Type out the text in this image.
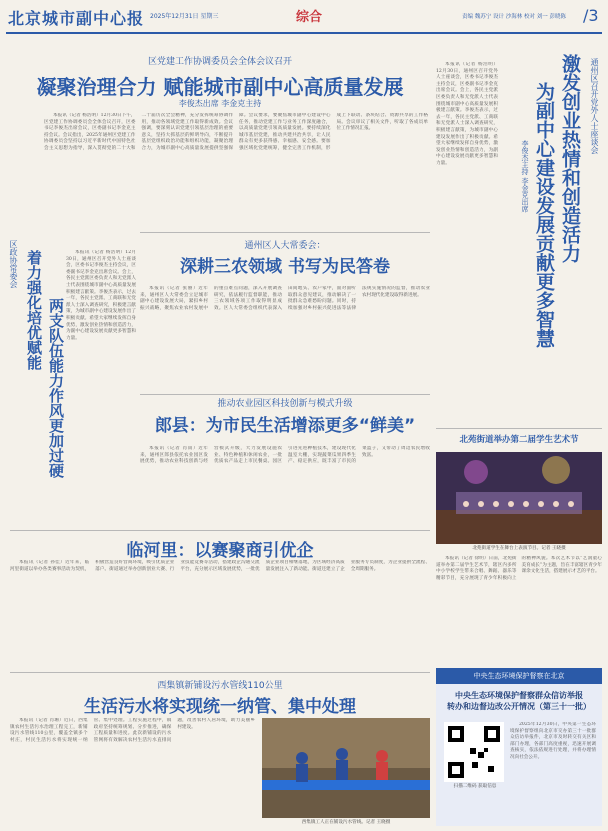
北京城市副中心报 2025年12月31日 星期三	综合	责编 魏苏宁 设计 沙海林 校对 刘一 彭晓陈 /3
区党建工作协调委员会全体会议召开
凝聚治理合力 赋能城市副中心高质量发展
李俊杰出席 李金克主持
本报讯（记者 杨浩明）12月30日下午，区党建工作协调委员会全体会议召开，区委书记李俊杰出席会议，区委副书记李金克主持会议。会议指出，2025年通州区党建工作协调委员会坚持以习近平新时代中国特色社会主义思想为指导，深入贯彻党的二十大和二十届历次全会精神，充分发挥统筹协调作用，推动各领域党建工作取得新成效。会议强调，要深刻认识党建引领基层治理的重要意义，坚持大抓基层的鲜明导向，不断提升基层党组织政治功能和组织功能，凝聚治理合力，为城市副中心高质量发展提供坚强保障。会议要求，要聚焦城市副中心建设中心任务，推动党建工作与业务工作深度融合，以高质量党建引领高质量发展。要持续深化城市基层党建，推动共建共治共享，让人民群众有更多获得感、幸福感、安全感。要加强区域化党建统筹，健全完善工作机制，形成上下联动、条块结合、资源共享的工作格局。会议审议了相关文件，听取了各成员单位工作情况汇报。	通州区召开党外人士座谈会
激发创业热情和创造活力
为副中心建设发展贡献更多智慧
李俊杰主持 李金克出席
本报讯（记者 杨浩明）12月30日，通州区召开党外人士座谈会，区委书记李俊杰主持会议，区委副书记李金克出席会议。会上，各民主党派区委负责人和无党派人士代表围绕城市副中心高质量发展积极建言献策。李俊杰表示，过去一年，各民主党派、工商联和无党派人士深入调查研究，积极建言献策，为城市副中心建设发展作出了积极贡献。希望大家继续发挥自身优势，激发创业热情和创造活力，为副中心建设发展贡献更多智慧和力量。
区政协常委会 着力强化培优赋能 两支队伍能力作风更加过硬
本报讯（记者 杨浩明）12月30日，通州区召开党外人士座谈会，区委书记李俊杰主持会议，区委副书记李金克出席会议。会上，各民主党派区委负责人和无党派人士代表围绕城市副中心高质量发展积极建言献策。李俊杰表示，过去一年，各民主党派、工商联和无党派人士深入调查研究，积极建言献策，为城市副中心建设发展作出了积极贡献。希望大家继续发挥自身优势，激发创业热情和创造活力，为副中心建设发展贡献更多智慧和力量。
通州区人大常委会：
深耕三农领域 书写为民答卷
本报讯（记者 张丽）近年来，通州区人大常委会立足城市副中心建设发展大局，紧扣乡村振兴战略，聚焦农业农村发展中的重点难点问题，深入开展调查研究，依法履行监督职能，推动三农领域各项工作取得明显成效。区人大常委会组织代表深入田间地头、农户家中，面对面听取群众意见建议，推动解决了一批群众急难愁盼问题。同时，持续加强对乡村振兴促进法等法律法规实施情况的监督，推动农业农村现代化建设取得新进展。
推动农业园区科技创新与模式升级
郎县：为市民生活增添更多“鲜美”
本报讯（记者 肖雨）近年来，通州区郎县依托农业园区发展优势，推动农业科技创新与经营模式升级，大力发展设施农业、特色种植和休闲农业，一批优质农产品走上市民餐桌。园区引进先进种植技术，建设现代化温室大棚，实现蔬菜瓜果四季生产、稳定供应，既丰富了市民的菜篮子，又带动了周边农民增收致富。
北苑街道举办第二届学生艺术节
北苑街道学生在舞台上表演节目。记者 王晓摄
本报讯（记者 徐明）日前，北苑街道举办第二届学生艺术节，辖区内多所中小学校学生带来合唱、舞蹈、器乐等精彩节目，充分展现了青少年积极向上的精神风貌。本次艺术节以“艺润童心 美育成长”为主题，旨在丰富辖区青少年课余文化生活，搭建展示才艺的平台。
临河里：以赛聚商引优企
本报讯（记者 孙佳）近年来，临河里街道以举办各类赛事活动为契机，积极营造良好营商环境，吸引优质企业落户。街道通过举办创新创业大赛、行业技能竞赛等活动，搭建政企沟通交流平台，充分展示区域发展优势，一批优质企业项目相继落地，为区域经济高质量发展注入了新动能。街道还建立了企业服务专员制度，为企业提供全流程、全周期服务。
西集镇新铺设污水管线110公里
生活污水将实现统一纳管、集中处理
本报讯（记者 肖珊）近日，西集镇农村生活污水治理工程完工，新铺设污水管线110公里，覆盖全镇多个村庄，村民生活污水将实现统一纳管、集中处理。工程实施过程中，镇政府坚持统筹规划、分步推进，确保工程质量和进度。此次新铺设的污水管网将有效解决农村生活污水直排问题，改善农村人居环境，助力美丽乡村建设。
西集镇工人正在铺设污水管线。记者 王晓摄
中央生态环境保护督察在北京
中央生态环境保护督察群众信访举报
转办和边督边改公开情况（第三十一批）
扫描二维码 获取信息
2025年12月30日，中央第一生态环境保护督察组向北京市交办第三十一批群众信访举报件，北京市及时转交有关区和部门办理，各部门高度重视，迅速开展调查核实，依法依规进行处理，并将办理情况向社会公开。
